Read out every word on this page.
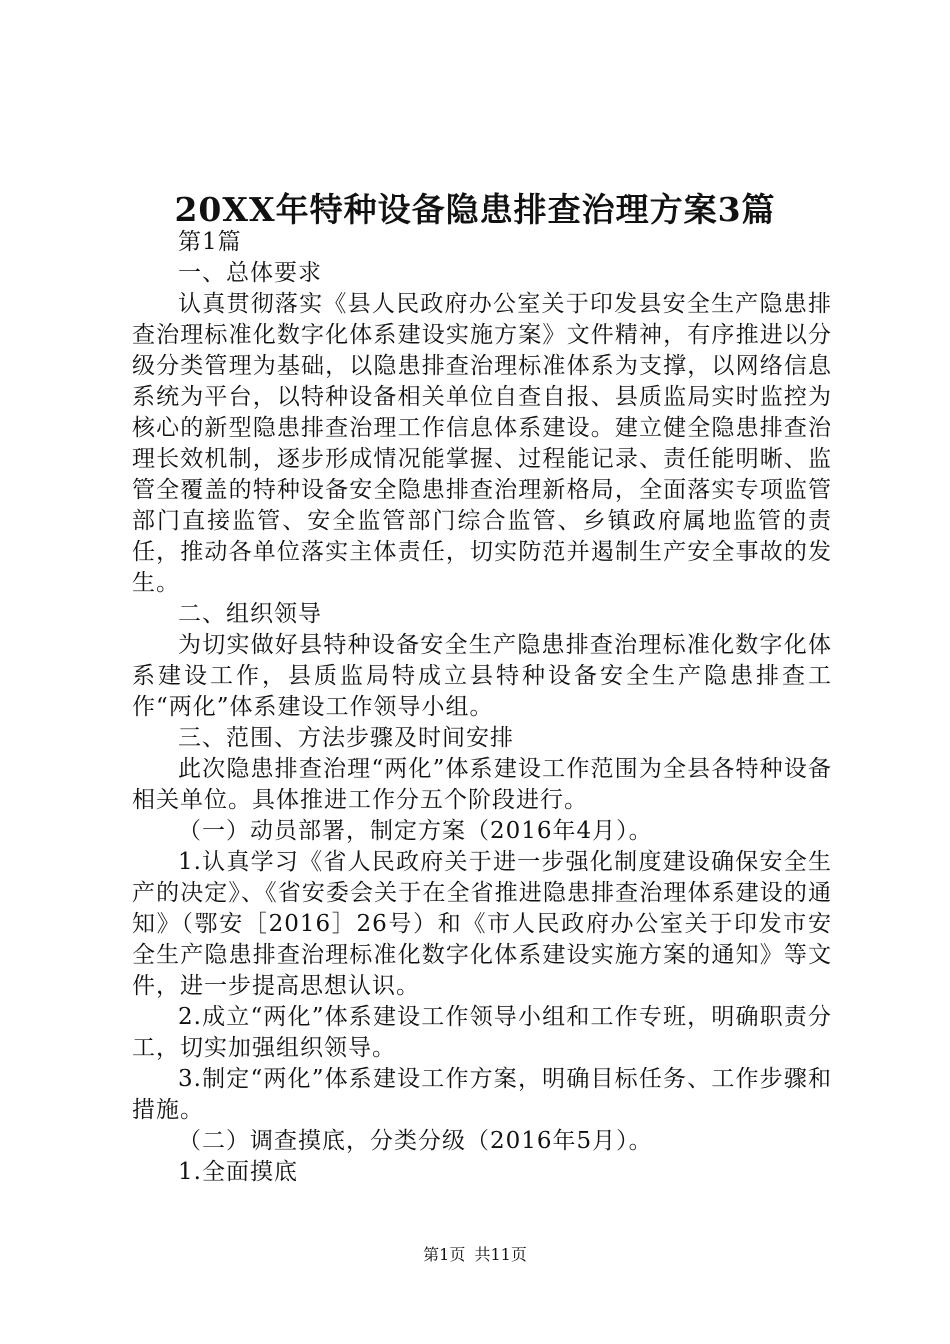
20XX年特种设备隐患排查治理方案3篇

第1篇

一、总体要求

认真贯彻落实《县人民政府办公室关于印发县安全生产隐患排查治理标准化数字化体系建设实施方案》文件精神，有序推进以分级分类管理为基础，以隐患排查治理标准体系为支撑，以网络信息系统为平台，以特种设备相关单位自查自报、县质监局实时监控为核心的新型隐患排查治理工作信息体系建设。建立健全隐患排查治理长效机制，逐步形成情况能掌握、过程能记录、责任能明晰、监管全覆盖的特种设备安全隐患排查治理新格局，全面落实专项监管部门直接监管、安全监管部门综合监管、乡镇政府属地监管的责任，推动各单位落实主体责任，切实防范并遏制生产安全事故的发生。

二、组织领导

为切实做好县特种设备安全生产隐患排查治理标准化数字化体系建设工作，县质监局特成立县特种设备安全生产隐患排查工作“两化”体系建设工作领导小组。

三、范围、方法步骤及时间安排

此次隐患排查治理“两化”体系建设工作范围为全县各特种设备相关单位。具体推进工作分五个阶段进行。

（一）动员部署，制定方案（2016年4月）。

1.认真学习《省人民政府关于进一步强化制度建设确保安全生产的决定》、《省安委会关于在全省推进隐患排查治理体系建设的通知》（鄂安［2016］26号）和《市人民政府办公室关于印发市安全生产隐患排查治理标准化数字化体系建设实施方案的通知》等文件，进一步提高思想认识。

2.成立“两化”体系建设工作领导小组和工作专班，明确职责分工，切实加强组织领导。

3.制定“两化”体系建设工作方案，明确目标任务、工作步骤和措施。

（二）调查摸底，分类分级（2016年5月）。

1.全面摸底

第1页 共11页
